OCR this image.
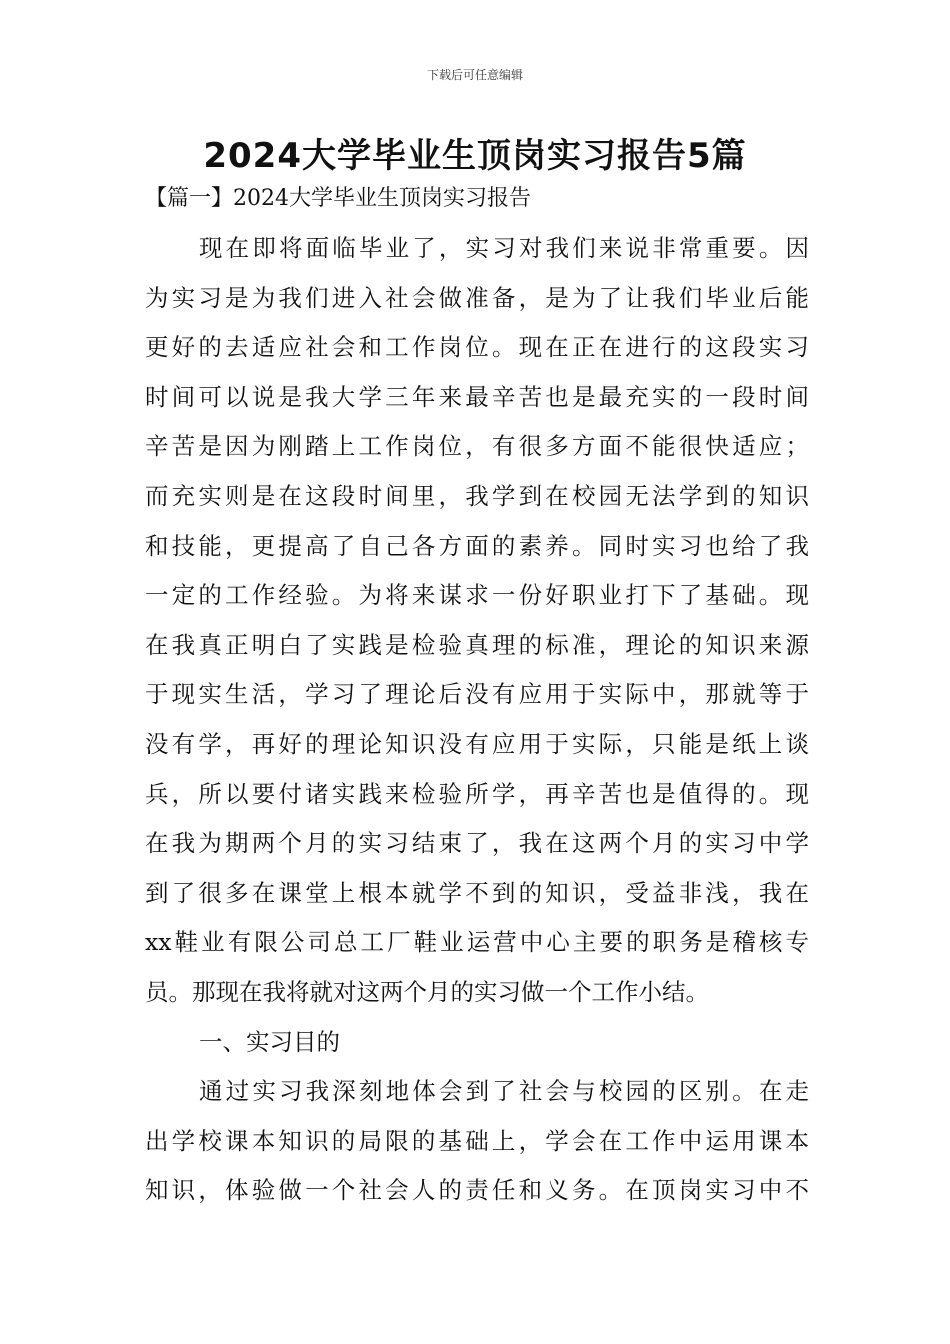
下载后可任意编辑
2024大学毕业生顶岗实习报告5篇
【篇一】2024大学毕业生顶岗实习报告
现在即将面临毕业了，实习对我们来说非常重要。因
为实习是为我们进入社会做准备，是为了让我们毕业后能
更好的去适应社会和工作岗位。现在正在进行的这段实习
时间可以说是我大学三年来最辛苦也是最充实的一段时间
辛苦是因为刚踏上工作岗位，有很多方面不能很快适应；
而充实则是在这段时间里，我学到在校园无法学到的知识
和技能，更提高了自己各方面的素养。同时实习也给了我
一定的工作经验。为将来谋求一份好职业打下了基础。现
在我真正明白了实践是检验真理的标准，理论的知识来源
于现实生活，学习了理论后没有应用于实际中，那就等于
没有学，再好的理论知识没有应用于实际，只能是纸上谈
兵，所以要付诸实践来检验所学，再辛苦也是值得的。现
在我为期两个月的实习结束了，我在这两个月的实习中学
到了很多在课堂上根本就学不到的知识，受益非浅，我在
xx鞋业有限公司总工厂鞋业运营中心主要的职务是稽核专
员。那现在我将就对这两个月的实习做一个工作小结。
一、实习目的
通过实习我深刻地体会到了社会与校园的区别。在走
出学校课本知识的局限的基础上，学会在工作中运用课本
知识，体验做一个社会人的责任和义务。在顶岗实习中不
